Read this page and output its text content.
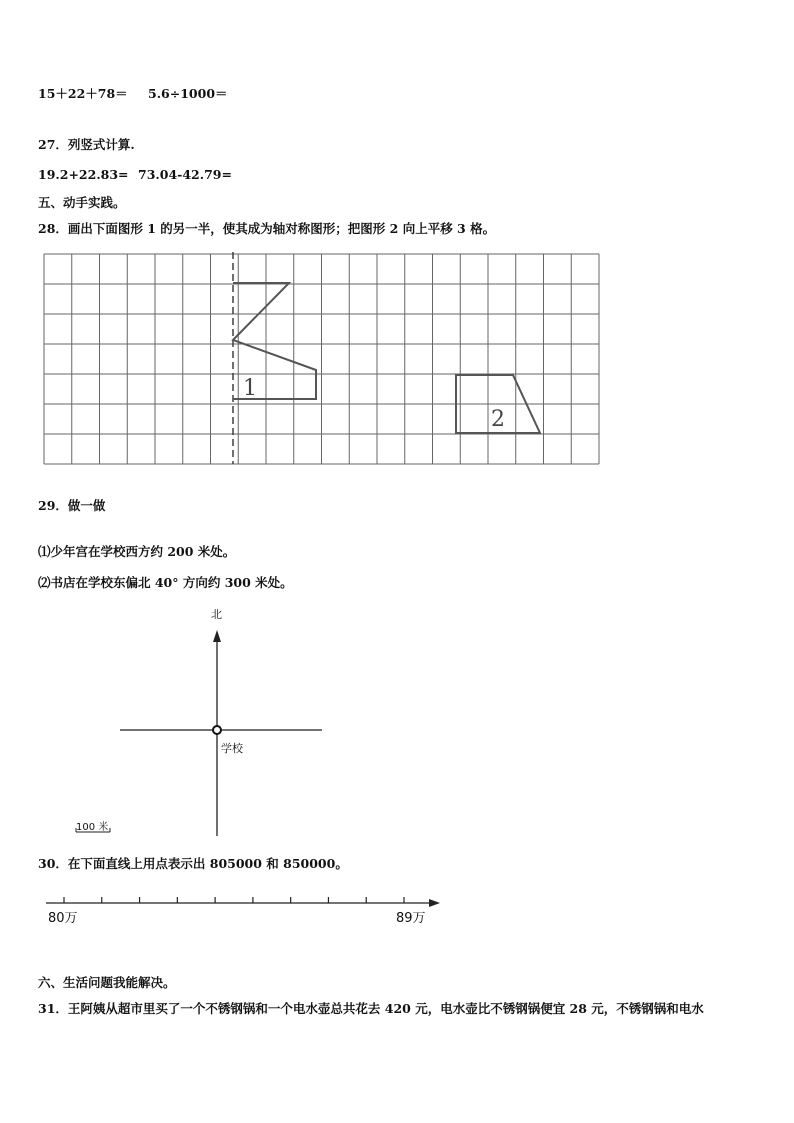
15＋22＋78＝ 5.6÷1000＝
27．列竖式计算.
19.2+22.83= 73.04-42.79=
五、动手实践。
28．画出下面图形 1 的另一半，使其成为轴对称图形；把图形 2 向上平移 3 格。
1
2
29．做一做
⑴少年宫在学校西方约 200 米处。
⑵书店在学校东偏北 40° 方向约 300 米处。
北
学校
100 米
30．在下面直线上用点表示出 805000 和 850000。
80万	89万
六、生活问题我能解决。
31．王阿姨从超市里买了一个不锈钢锅和一个电水壶总共花去 420 元，电水壶比不锈钢锅便宜 28 元，不锈钢锅和电水
